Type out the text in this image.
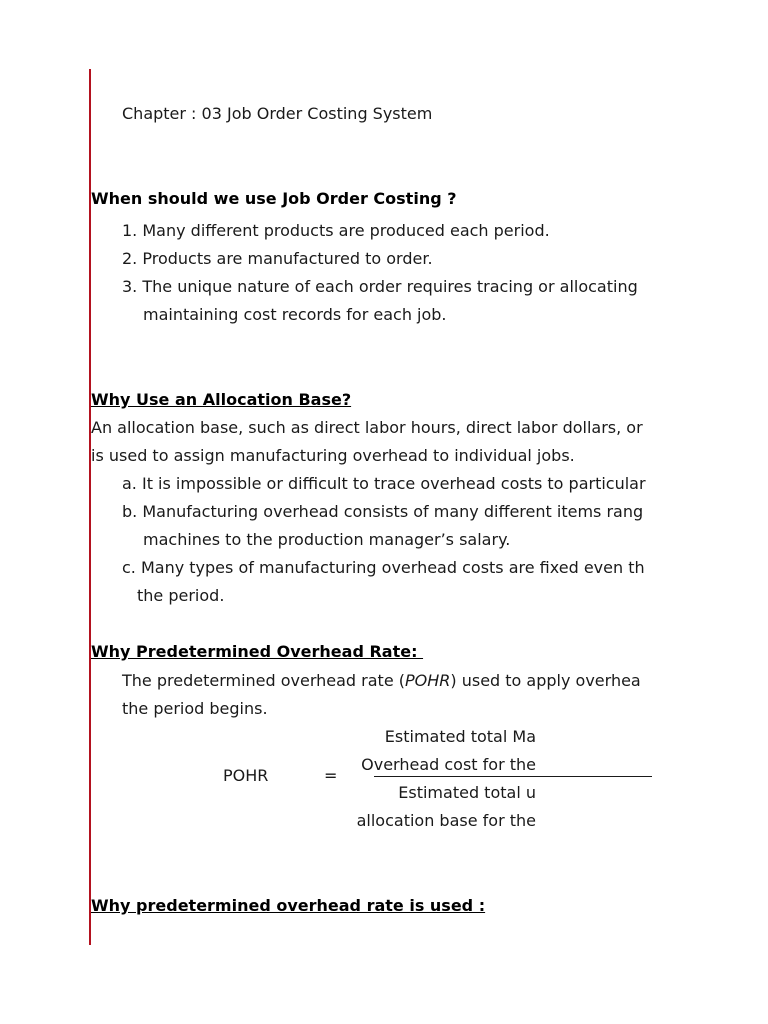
Chapter : 03 Job Order Costing System
When should we use Job Order Costing ?
1. Many different products are produced each period.
2. Products are manufactured to order.
3. The unique nature of each order requires tracing or allocating
maintaining cost records for each job.
Why Use an Allocation Base?
An allocation base, such as direct labor hours, direct labor dollars, or
is used to assign manufacturing overhead to individual jobs.
a. It is impossible or difficult to trace overhead costs to particular
b. Manufacturing overhead consists of many different items rang
machines to the production manager’s salary.
c. Many types of manufacturing overhead costs are fixed even th
the period.
Why Predetermined Overhead Rate:
The predetermined overhead rate (POHR) used to apply overhea
the period begins.
Estimated total Ma
Overhead cost for the
POHR	=
Estimated total u
allocation base for the
Why predetermined overhead rate is used :
